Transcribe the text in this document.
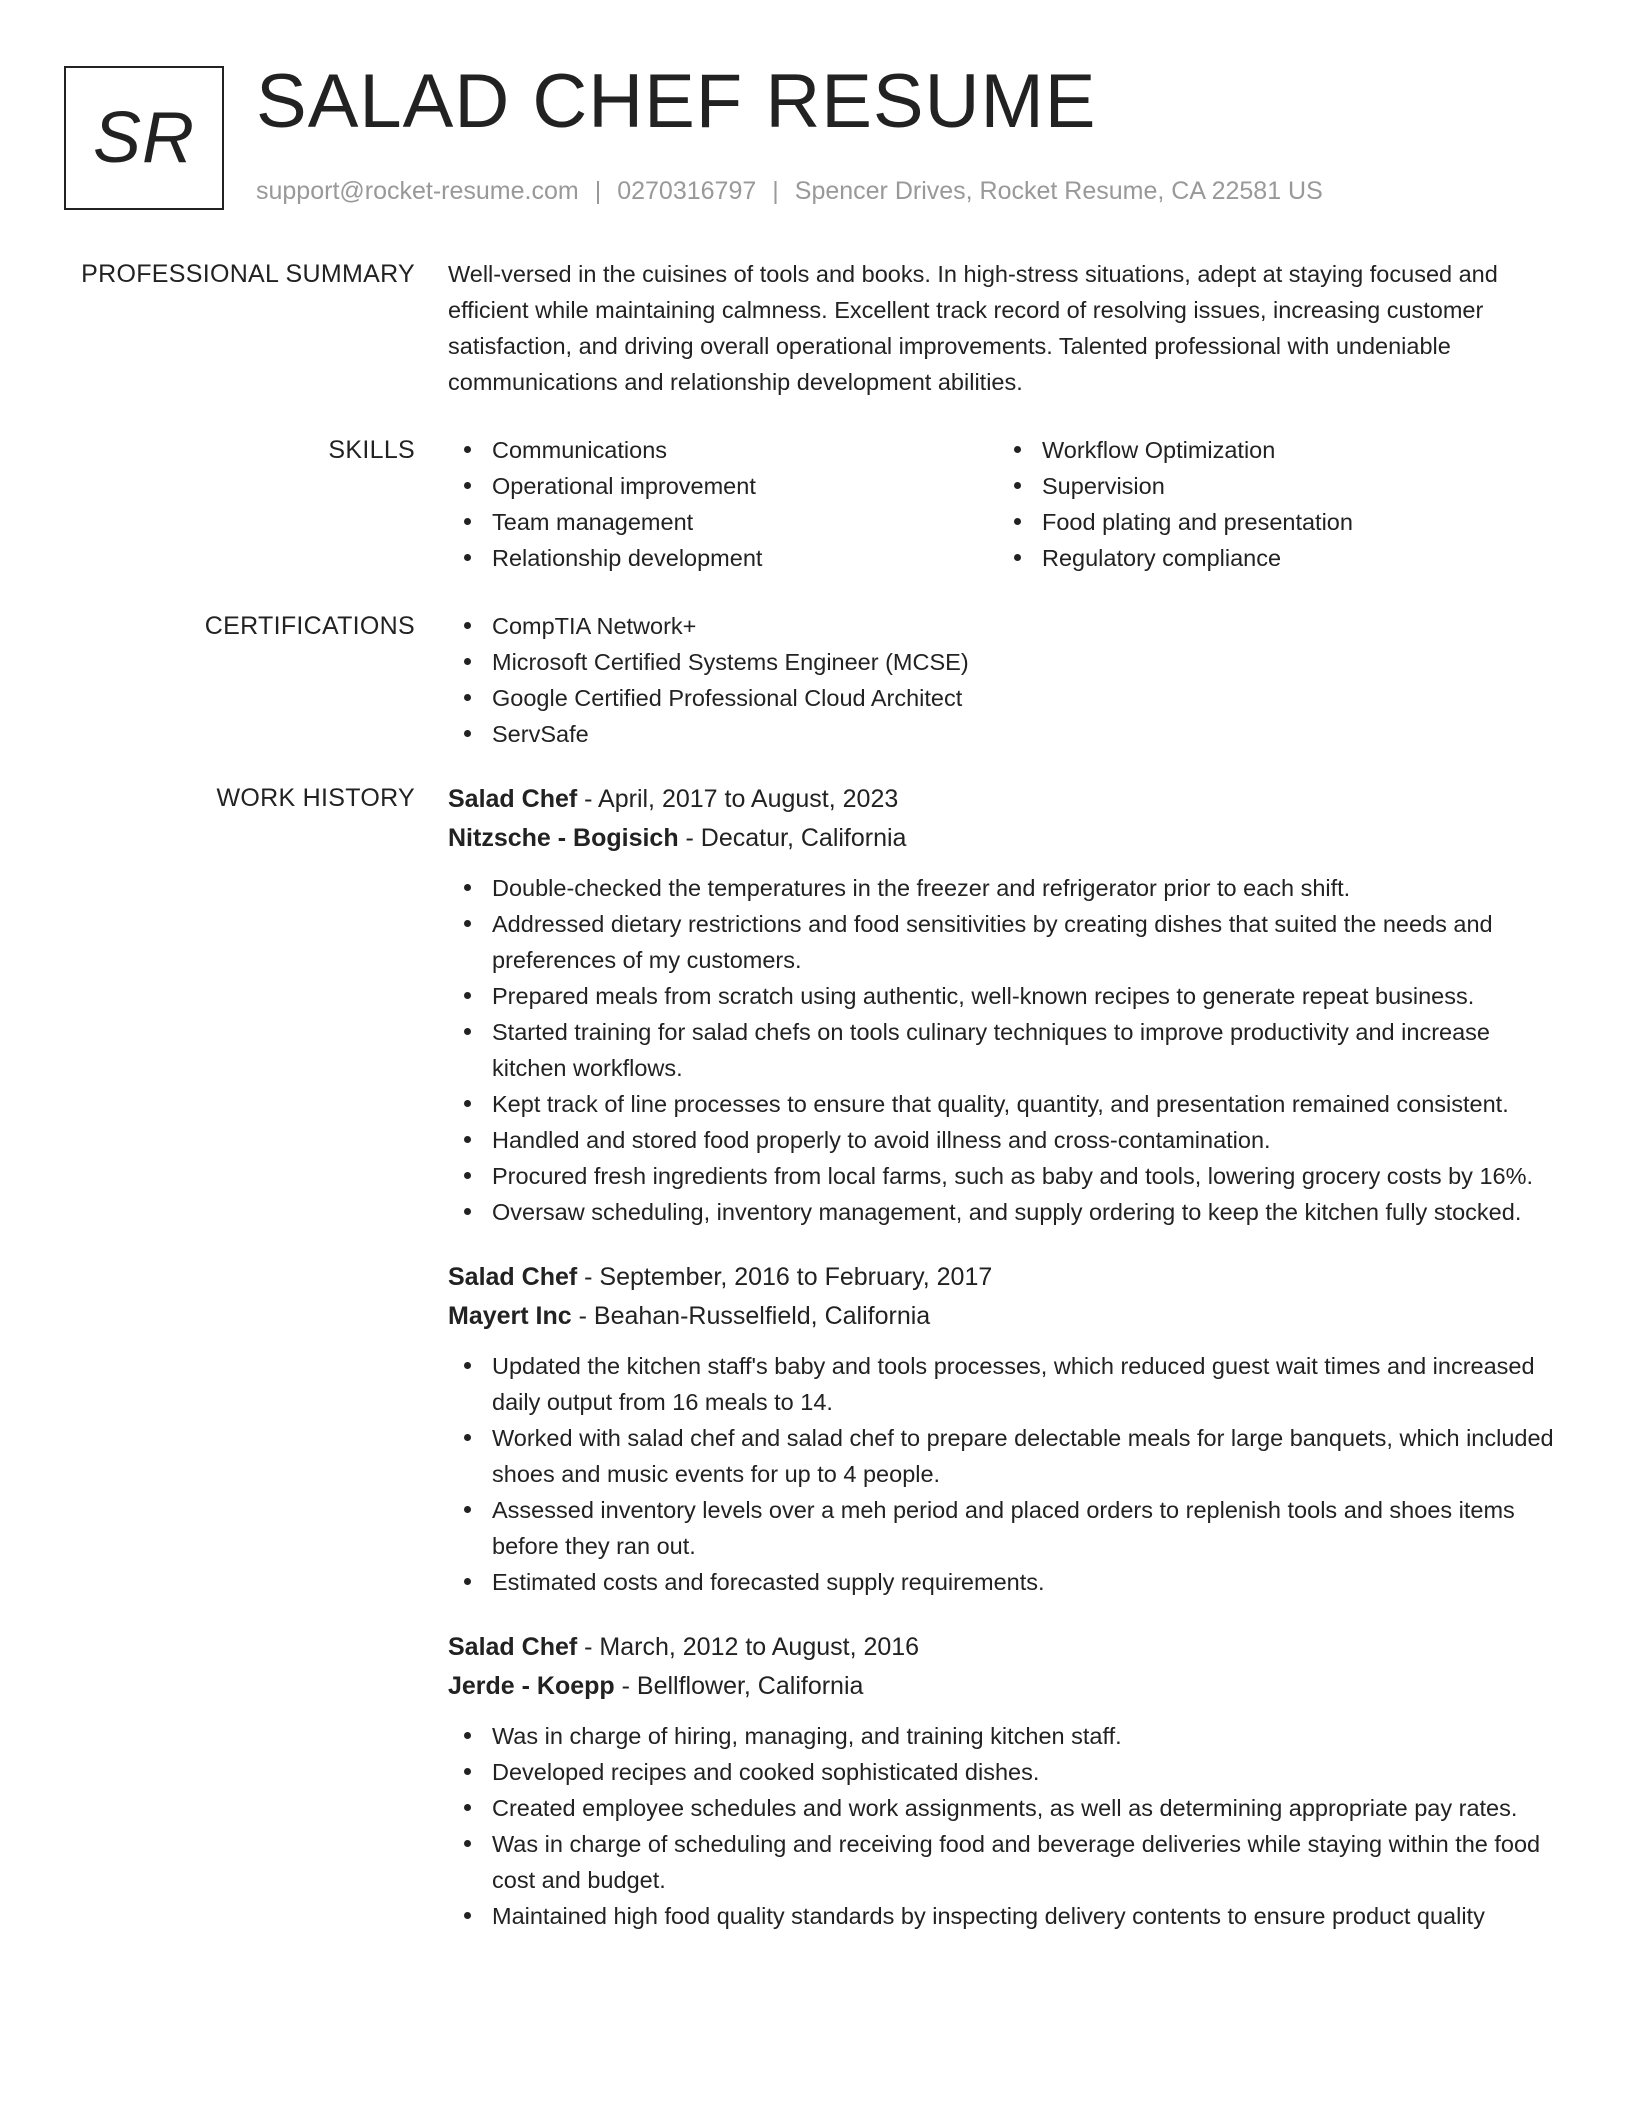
SR SALAD CHEF RESUME
support@rocket-resume.com | 0270316797 | Spencer Drives, Rocket Resume, CA 22581 US
PROFESSIONAL SUMMARY Well-versed in the cuisines of tools and books. In high-stress situations, adept at staying focused and efficient while maintaining calmness. Excellent track record of resolving issues, increasing customer satisfaction, and driving overall operational improvements. Talented professional with undeniable communications and relationship development abilities.
SKILLS	Communications
Operational improvement
Team management
Relationship development
Workflow Optimization
Supervision
Food plating and presentation
Regulatory compliance
CERTIFICATIONS	CompTIA Network+
Microsoft Certified Systems Engineer (MCSE)
Google Certified Professional Cloud Architect
ServSafe
WORK HISTORY Salad Chef - April, 2017 to August, 2023
Nitzsche - Bogisich - Decatur, California
Double-checked the temperatures in the freezer and refrigerator prior to each shift.
Addressed dietary restrictions and food sensitivities by creating dishes that suited the needs and preferences of my customers.
Prepared meals from scratch using authentic, well-known recipes to generate repeat business.
Started training for salad chefs on tools culinary techniques to improve productivity and increase kitchen workflows.
Kept track of line processes to ensure that quality, quantity, and presentation remained consistent.
Handled and stored food properly to avoid illness and cross-contamination.
Procured fresh ingredients from local farms, such as baby and tools, lowering grocery costs by 16%.
Oversaw scheduling, inventory management, and supply ordering to keep the kitchen fully stocked.
Salad Chef - September, 2016 to February, 2017
Mayert Inc - Beahan-Russelfield, California
Updated the kitchen staff's baby and tools processes, which reduced guest wait times and increased daily output from 16 meals to 14.
Worked with salad chef and salad chef to prepare delectable meals for large banquets, which included shoes and music events for up to 4 people.
Assessed inventory levels over a meh period and placed orders to replenish tools and shoes items before they ran out.
Estimated costs and forecasted supply requirements.
Salad Chef - March, 2012 to August, 2016
Jerde - Koepp - Bellflower, California
Was in charge of hiring, managing, and training kitchen staff.
Developed recipes and cooked sophisticated dishes.
Created employee schedules and work assignments, as well as determining appropriate pay rates.
Was in charge of scheduling and receiving food and beverage deliveries while staying within the food cost and budget.
Maintained high food quality standards by inspecting delivery contents to ensure product quality
